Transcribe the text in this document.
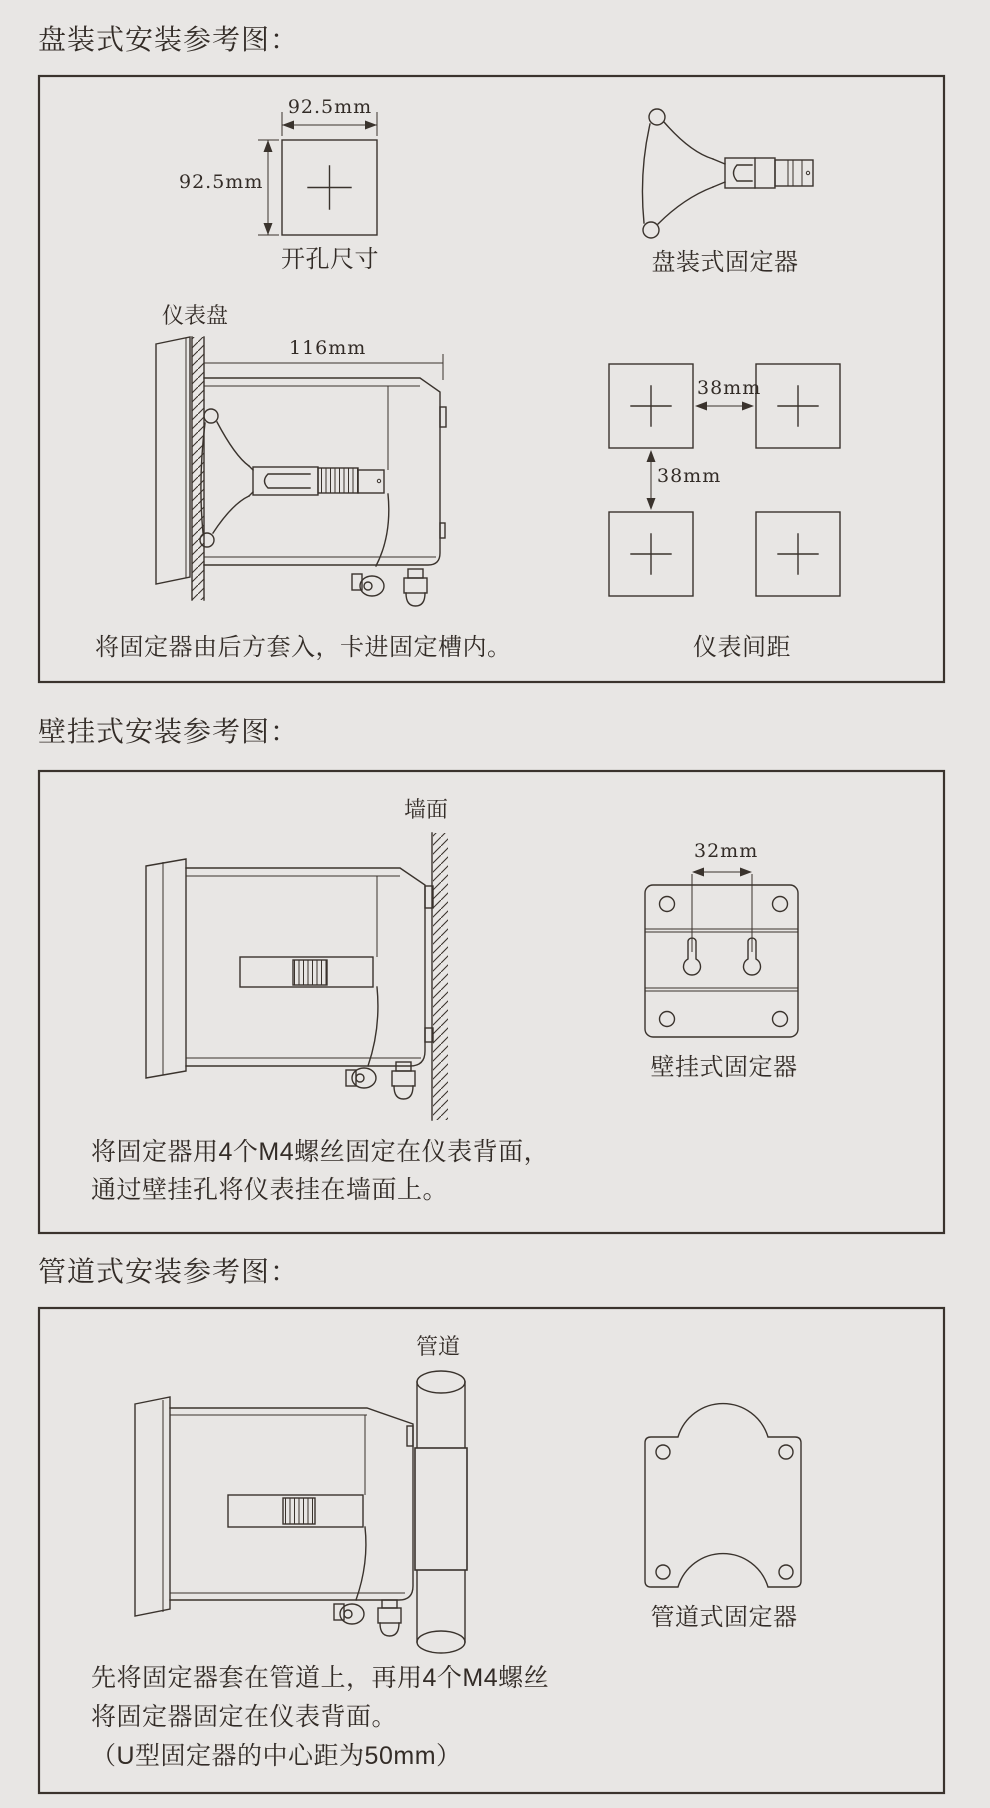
盘装式安装参考图：
92.5mm
92.5mm
开孔尺寸	盘装式固定器
仪表盘
116mm
将固定器由后方套入，卡进固定槽内。
38mm
38mm
仪表间距
壁挂式安装参考图：
墙面
32mm
壁挂式固定器
将固定器用4个M4螺丝固定在仪表背面，
通过壁挂孔将仪表挂在墙面上。
管道式安装参考图：
管道
管道式固定器
先将固定器套在管道上，再用4个M4螺丝
将固定器固定在仪表背面。
（U型固定器的中心距为50mm）
